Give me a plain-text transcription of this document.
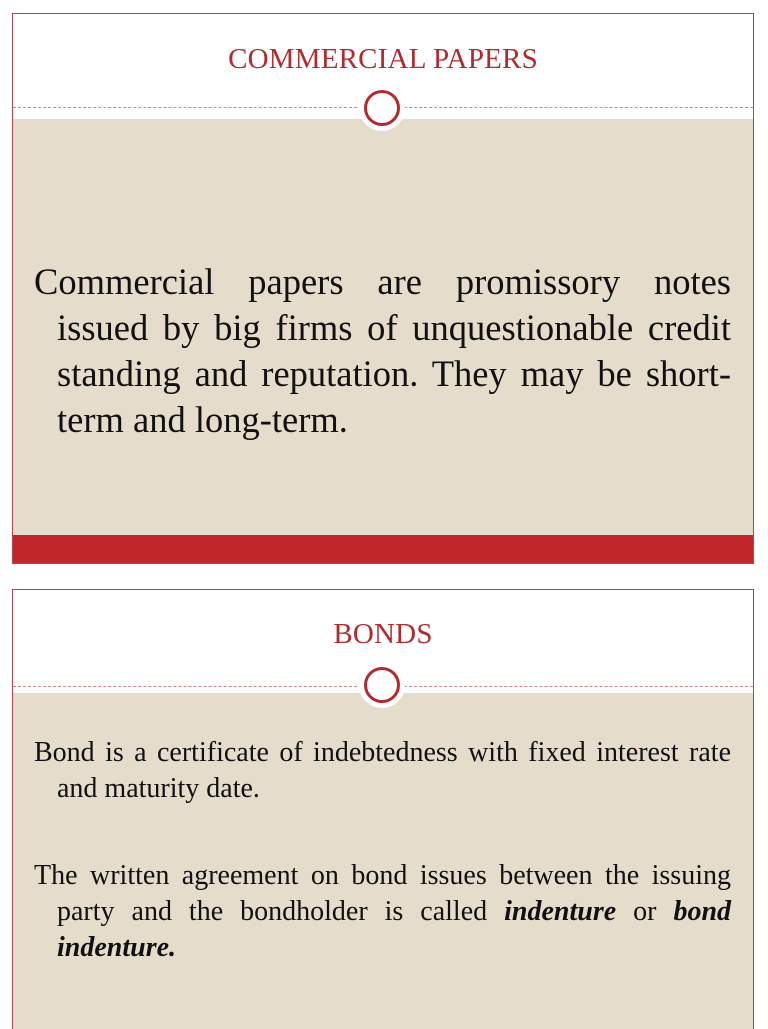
COMMERCIAL PAPERS

Commercial papers are promissory notes issued by big firms of unquestionable credit standing and reputation. They may be short-term and long-term.

BONDS

Bond is a certificate of indebtedness with fixed interest rate and maturity date.

The written agreement on bond issues between the issuing party and the bondholder is called indenture or bond indenture.
